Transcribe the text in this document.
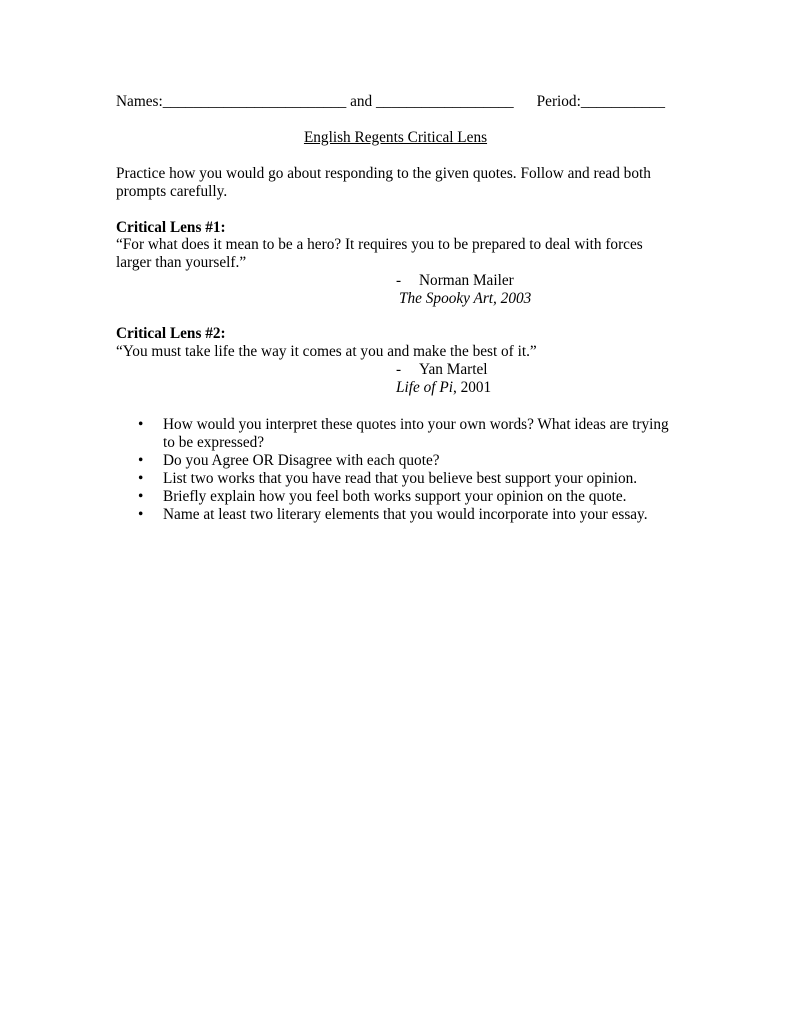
Names:________________________ and __________________      Period:___________
English Regents Critical Lens
Practice how you would go about responding to the given quotes. Follow and read both prompts carefully.
Critical Lens #1:
“For what does it mean to be a hero? It requires you to be prepared to deal with forces larger than yourself.”
- Norman Mailer
The Spooky Art, 2003
Critical Lens #2:
“You must take life the way it comes at you and make the best of it.”
- Yan Martel
Life of Pi, 2001
• How would you interpret these quotes into your own words? What ideas are trying to be expressed?
• Do you Agree OR Disagree with each quote?
• List two works that you have read that you believe best support your opinion.
• Briefly explain how you feel both works support your opinion on the quote.
• Name at least two literary elements that you would incorporate into your essay.
